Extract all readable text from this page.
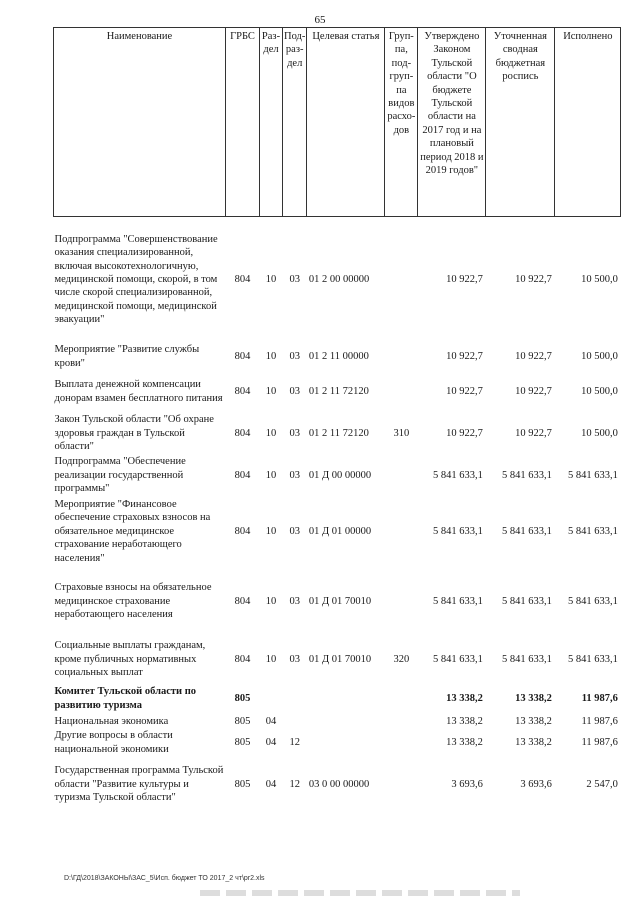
65
Наименование	ГРБС	Раз-дел	Под-раз-дел	Целевая статья	Груп-па, под-груп-па видов расхо-дов	Утверждено Законом Тульской области "О бюджете Тульской области на 2017 год и на плановый период 2018 и 2019 годов"	Уточненная сводная бюджетная роспись	Исполнено
Подпрограмма "Совершенствование оказания специализированной, включая высокотехнологичную, медицинской помощи, скорой, в том числе скорой специализированной, медицинской помощи, медицинской эвакуации"	804	10	03	01 2 00 00000		10 922,7	10 922,7	10 500,0
Мероприятие "Развитие службы крови"	804	10	03	01 2 11 00000		10 922,7	10 922,7	10 500,0
Выплата денежной компенсации донорам взамен бесплатного питания	804	10	03	01 2 11 72120		10 922,7	10 922,7	10 500,0
Закон Тульской области "Об охране здоровья граждан в Тульской области"	804	10	03	01 2 11 72120	310	10 922,7	10 922,7	10 500,0
Подпрограмма "Обеспечение реализации государственной программы"	804	10	03	01 Д 00 00000		5 841 633,1	5 841 633,1	5 841 633,1
Мероприятие "Финансовое обеспечение страховых взносов на обязательное медицинское страхование неработающего населения"	804	10	03	01 Д 01 00000		5 841 633,1	5 841 633,1	5 841 633,1
Страховые взносы на обязательное медицинское страхование неработающего населения	804	10	03	01 Д 01 70010		5 841 633,1	5 841 633,1	5 841 633,1
Социальные выплаты гражданам, кроме публичных нормативных социальных выплат	804	10	03	01 Д 01 70010	320	5 841 633,1	5 841 633,1	5 841 633,1
Комитет Тульской области по развитию туризма	805					13 338,2	13 338,2	11 987,6
Национальная экономика	805	04				13 338,2	13 338,2	11 987,6
Другие вопросы в области национальной экономики	805	04	12			13 338,2	13 338,2	11 987,6
Государственная программа Тульской области "Развитие культуры и туризма Тульской области"	805	04	12	03 0 00 00000		3 693,6	3 693,6	2 547,0
D:\ГД\2018\ЗАКОНЫ\ЗАС_5\Исп. бюджет ТО 2017_2 чт\pr2.xls
